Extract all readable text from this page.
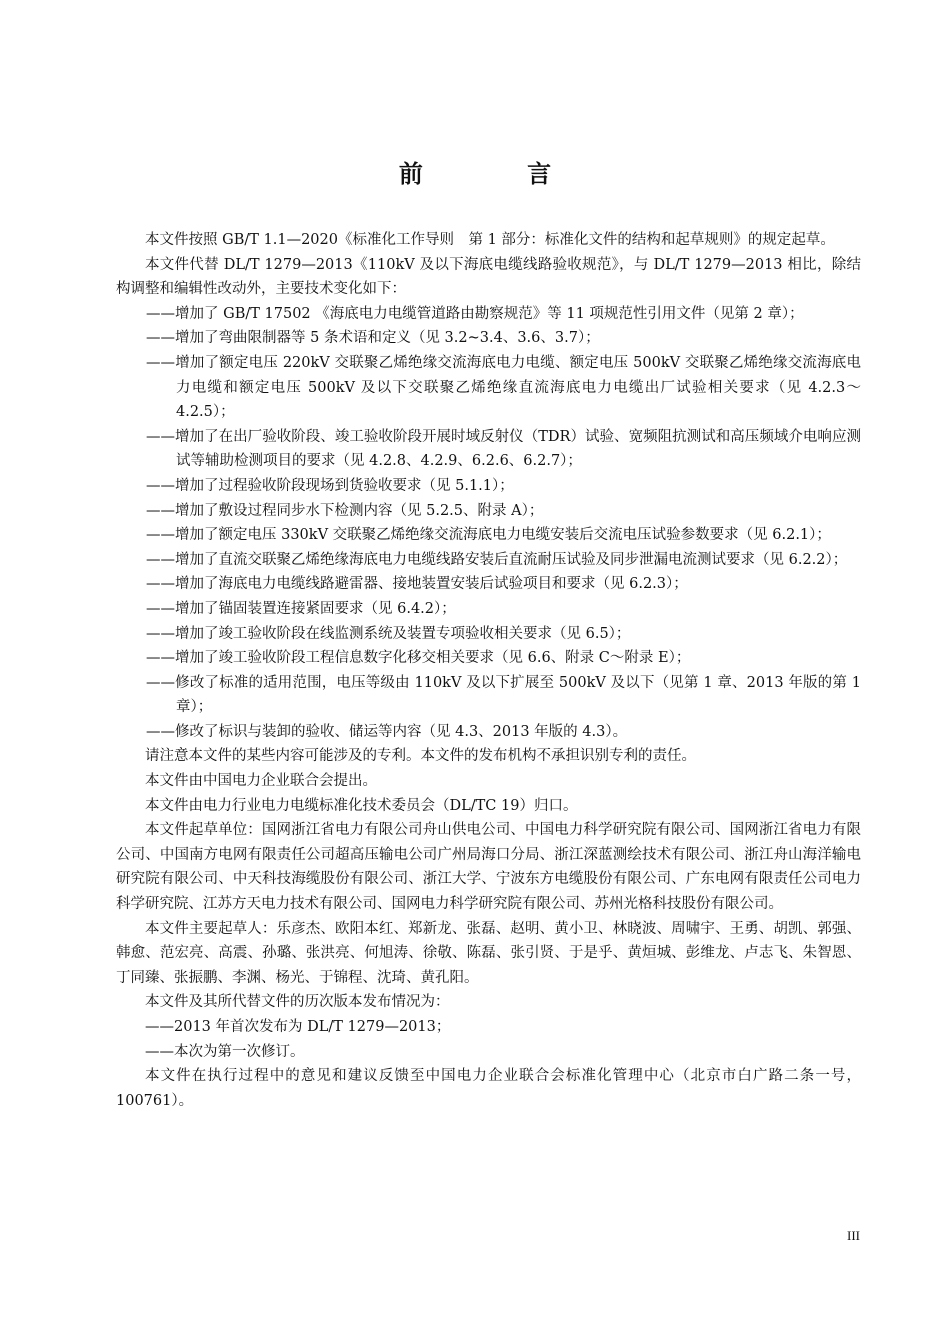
前 言

本文件按照 GB/T 1.1—2020《标准化工作导则　第 1 部分：标准化文件的结构和起草规则》的规定起草。

本文件代替 DL/T 1279—2013《110kV 及以下海底电缆线路验收规范》，与 DL/T 1279—2013 相比，除结构调整和编辑性改动外，主要技术变化如下：

——增加了 GB/T 17502 《海底电力电缆管道路由勘察规范》等 11 项规范性引用文件（见第 2 章）；

——增加了弯曲限制器等 5 条术语和定义（见 3.2~3.4、3.6、3.7）；

——增加了额定电压 220kV 交联聚乙烯绝缘交流海底电力电缆、额定电压 500kV 交联聚乙烯绝缘交流海底电力电缆和额定电压 500kV 及以下交联聚乙烯绝缘直流海底电力电缆出厂试验相关要求（见 4.2.3～4.2.5）；

——增加了在出厂验收阶段、竣工验收阶段开展时域反射仪（TDR）试验、宽频阻抗测试和高压频域介电响应测试等辅助检测项目的要求（见 4.2.8、4.2.9、6.2.6、6.2.7）；

——增加了过程验收阶段现场到货验收要求（见 5.1.1）；

——增加了敷设过程同步水下检测内容（见 5.2.5、附录 A）；

——增加了额定电压 330kV 交联聚乙烯绝缘交流海底电力电缆安装后交流电压试验参数要求（见 6.2.1）；

——增加了直流交联聚乙烯绝缘海底电力电缆线路安装后直流耐压试验及同步泄漏电流测试要求（见 6.2.2）；

——增加了海底电力电缆线路避雷器、接地装置安装后试验项目和要求（见 6.2.3）；

——增加了锚固装置连接紧固要求（见 6.4.2）；

——增加了竣工验收阶段在线监测系统及装置专项验收相关要求（见 6.5）；

——增加了竣工验收阶段工程信息数字化移交相关要求（见 6.6、附录 C～附录 E）；

——修改了标准的适用范围，电压等级由 110kV 及以下扩展至 500kV 及以下（见第 1 章、2013 年版的第 1 章）；

——修改了标识与装卸的验收、储运等内容（见 4.3、2013 年版的 4.3）。

请注意本文件的某些内容可能涉及的专利。本文件的发布机构不承担识别专利的责任。

本文件由中国电力企业联合会提出。

本文件由电力行业电力电缆标准化技术委员会（DL/TC 19）归口。

本文件起草单位：国网浙江省电力有限公司舟山供电公司、中国电力科学研究院有限公司、国网浙江省电力有限公司、中国南方电网有限责任公司超高压输电公司广州局海口分局、浙江深蓝测绘技术有限公司、浙江舟山海洋输电研究院有限公司、中天科技海缆股份有限公司、浙江大学、宁波东方电缆股份有限公司、广东电网有限责任公司电力科学研究院、江苏方天电力技术有限公司、国网电力科学研究院有限公司、苏州光格科技股份有限公司。

本文件主要起草人：乐彦杰、欧阳本红、郑新龙、张磊、赵明、黄小卫、林晓波、周啸宇、王勇、胡凯、郭强、韩愈、范宏亮、高震、孙璐、张洪亮、何旭涛、徐敬、陈磊、张引贤、于是乎、黄烜城、彭维龙、卢志飞、朱智恩、丁同臻、张振鹏、李渊、杨光、于锦程、沈琦、黄孔阳。

本文件及其所代替文件的历次版本发布情况为：

——2013 年首次发布为 DL/T 1279—2013；

——本次为第一次修订。

本文件在执行过程中的意见和建议反馈至中国电力企业联合会标准化管理中心（北京市白广路二条一号，100761）。

III
